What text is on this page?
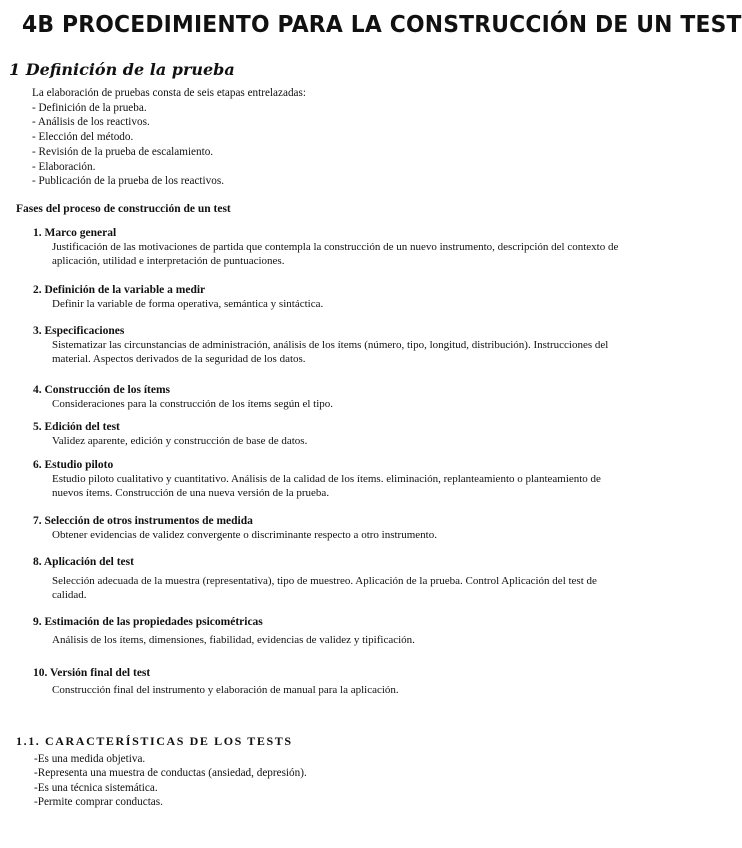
4B PROCEDIMIENTO PARA LA CONSTRUCCIÓN DE UN TEST
1 Definición de la prueba
La elaboración de pruebas consta de seis etapas entrelazadas:
- Definición de la prueba.
- Análisis de los reactivos.
- Elección del método.
- Revisión de la prueba de escalamiento.
- Elaboración.
- Publicación de la prueba de los reactivos.
Fases del proceso de construcción de un test
1. Marco general
Justificación de las motivaciones de partida que contempla la construcción de un nuevo instrumento, descripción del contexto de aplicación, utilidad e interpretación de puntuaciones.
2. Definición de la variable a medir
Definir la variable de forma operativa, semántica y sintáctica.
3. Especificaciones
Sistematizar las circunstancias de administración, análisis de los ítems (número, tipo, longitud, distribución). Instrucciones del material. Aspectos derivados de la seguridad de los datos.
4. Construcción de los ítems
Consideraciones para la construcción de los ítems según el tipo.
5. Edición del test
Validez aparente, edición y construcción de base de datos.
6. Estudio piloto
Estudio piloto cualitativo y cuantitativo. Análisis de la calidad de los ítems. eliminación, replanteamiento o planteamiento de nuevos ítems. Construcción de una nueva versión de la prueba.
7. Selección de otros instrumentos de medida
Obtener evidencias de validez convergente o discriminante respecto a otro instrumento.
8. Aplicación del test
Selección adecuada de la muestra (representativa), tipo de muestreo. Aplicación de la prueba. Control Aplicación del test de calidad.
9. Estimación de las propiedades psicométricas
Análisis de los ítems, dimensiones, fiabilidad, evidencias de validez y tipificación.
10. Versión final del test
Construcción final del instrumento y elaboración de manual para la aplicación.
1.1. CARACTERÍSTICAS DE LOS TESTS
-Es una medida objetiva.
-Representa una muestra de conductas (ansiedad, depresión).
-Es una técnica sistemática.
-Permite comprar conductas.
